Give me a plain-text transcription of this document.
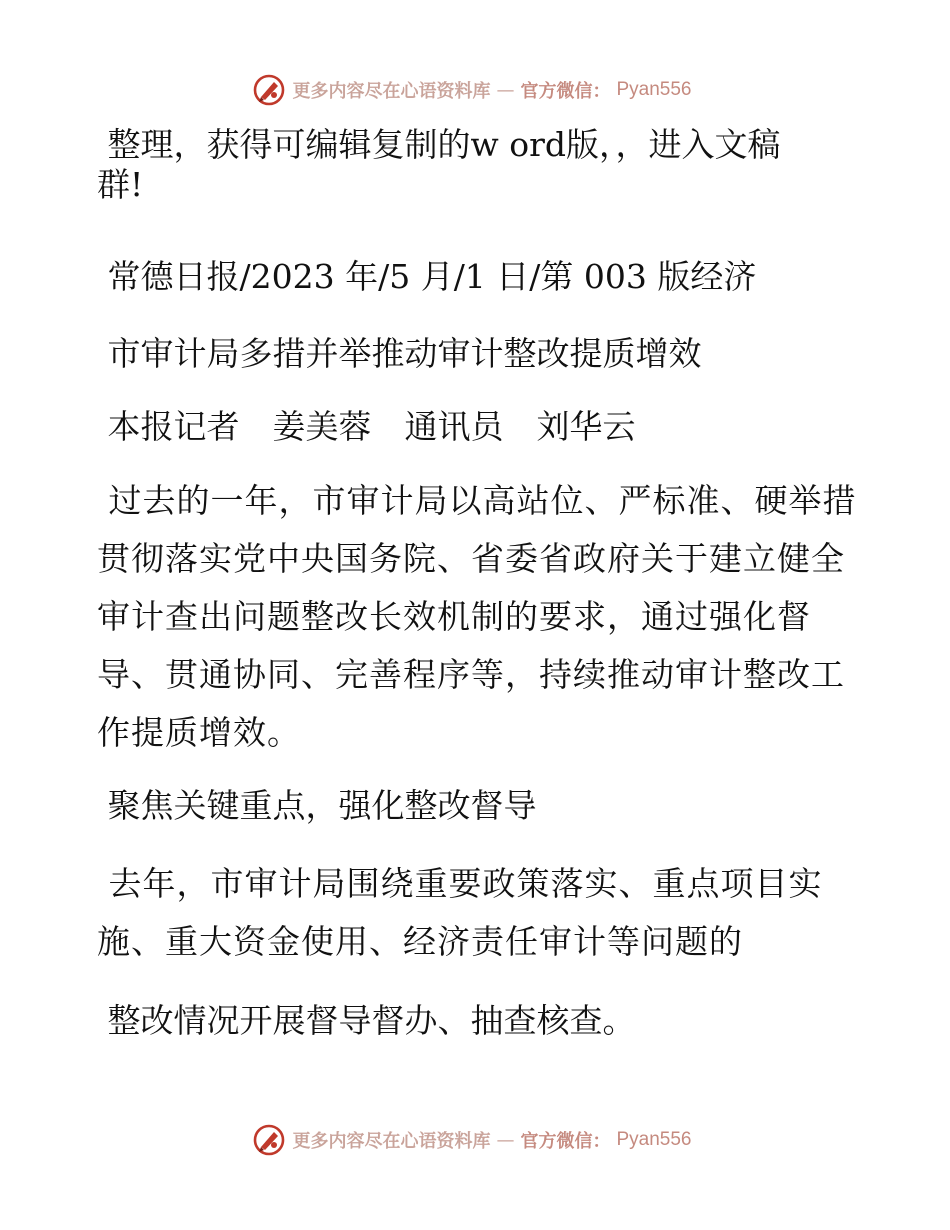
更多内容尽在心语资料库 — 官方微信： Pyan556

整理，获得可编辑复制的w ord版，，进入文稿

群!

常德日报/2023 年/5 月/1 日/第 003 版经济

市审计局多措并举推动审计整改提质增效

本报记者　姜美蓉　通讯员　刘华云

过去的一年，市审计局以高站位、严标准、硬举措贯彻落实党中央国务院、省委省政府关于建立健全审计查出问题整改长效机制的要求，通过强化督导、贯通协同、完善程序等，持续推动审计整改工作提质增效。

聚焦关键重点，强化整改督导

去年，市审计局围绕重要政策落实、重点项目实施、重大资金使用、经济责任审计等问题的

整改情况开展督导督办、抽查核查。

更多内容尽在心语资料库 — 官方微信： Pyan556
